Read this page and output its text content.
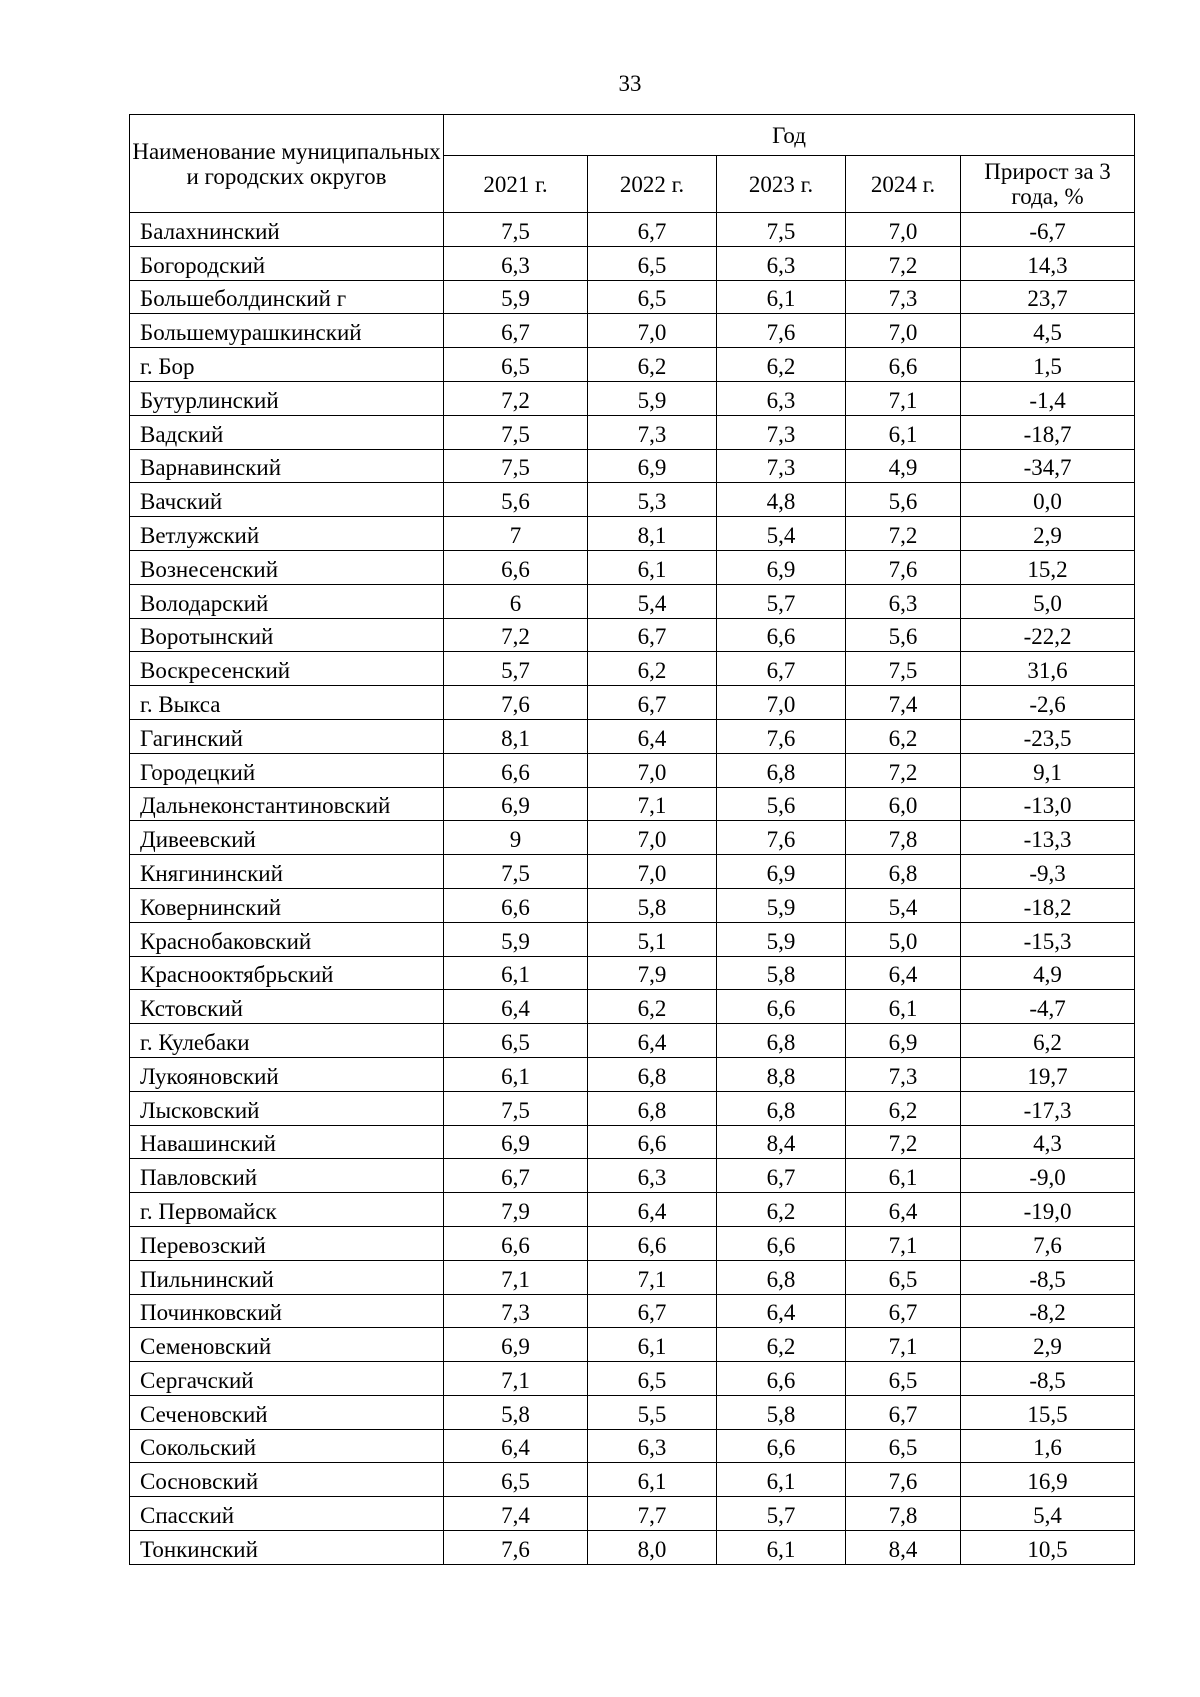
33
Наименование муниципальных и городских округов	Год				
	2021 г.	2022 г.	2023 г.	2024 г.	Прирост за 3 года, %
Балахнинский	7,5	6,7	7,5	7,0	-6,7
Богородский	6,3	6,5	6,3	7,2	14,3
Большеболдинский г	5,9	6,5	6,1	7,3	23,7
Большемурашкинский	6,7	7,0	7,6	7,0	4,5
г. Бор	6,5	6,2	6,2	6,6	1,5
Бутурлинский	7,2	5,9	6,3	7,1	-1,4
Вадский	7,5	7,3	7,3	6,1	-18,7
Варнавинский	7,5	6,9	7,3	4,9	-34,7
Вачский	5,6	5,3	4,8	5,6	0,0
Ветлужский	7	8,1	5,4	7,2	2,9
Вознесенский	6,6	6,1	6,9	7,6	15,2
Володарский	6	5,4	5,7	6,3	5,0
Воротынский	7,2	6,7	6,6	5,6	-22,2
Воскресенский	5,7	6,2	6,7	7,5	31,6
г. Выкса	7,6	6,7	7,0	7,4	-2,6
Гагинский	8,1	6,4	7,6	6,2	-23,5
Городецкий	6,6	7,0	6,8	7,2	9,1
Дальнеконстантиновский	6,9	7,1	5,6	6,0	-13,0
Дивеевский	9	7,0	7,6	7,8	-13,3
Княгининский	7,5	7,0	6,9	6,8	-9,3
Ковернинский	6,6	5,8	5,9	5,4	-18,2
Краснобаковский	5,9	5,1	5,9	5,0	-15,3
Краснооктябрьский	6,1	7,9	5,8	6,4	4,9
Кстовский	6,4	6,2	6,6	6,1	-4,7
г. Кулебаки	6,5	6,4	6,8	6,9	6,2
Лукояновский	6,1	6,8	8,8	7,3	19,7
Лысковский	7,5	6,8	6,8	6,2	-17,3
Навашинский	6,9	6,6	8,4	7,2	4,3
Павловский	6,7	6,3	6,7	6,1	-9,0
г. Первомайск	7,9	6,4	6,2	6,4	-19,0
Перевозский	6,6	6,6	6,6	7,1	7,6
Пильнинский	7,1	7,1	6,8	6,5	-8,5
Починковский	7,3	6,7	6,4	6,7	-8,2
Семеновский	6,9	6,1	6,2	7,1	2,9
Сергачский	7,1	6,5	6,6	6,5	-8,5
Сеченовский	5,8	5,5	5,8	6,7	15,5
Сокольский	6,4	6,3	6,6	6,5	1,6
Сосновский	6,5	6,1	6,1	7,6	16,9
Спасский	7,4	7,7	5,7	7,8	5,4
Тонкинский	7,6	8,0	6,1	8,4	10,5
